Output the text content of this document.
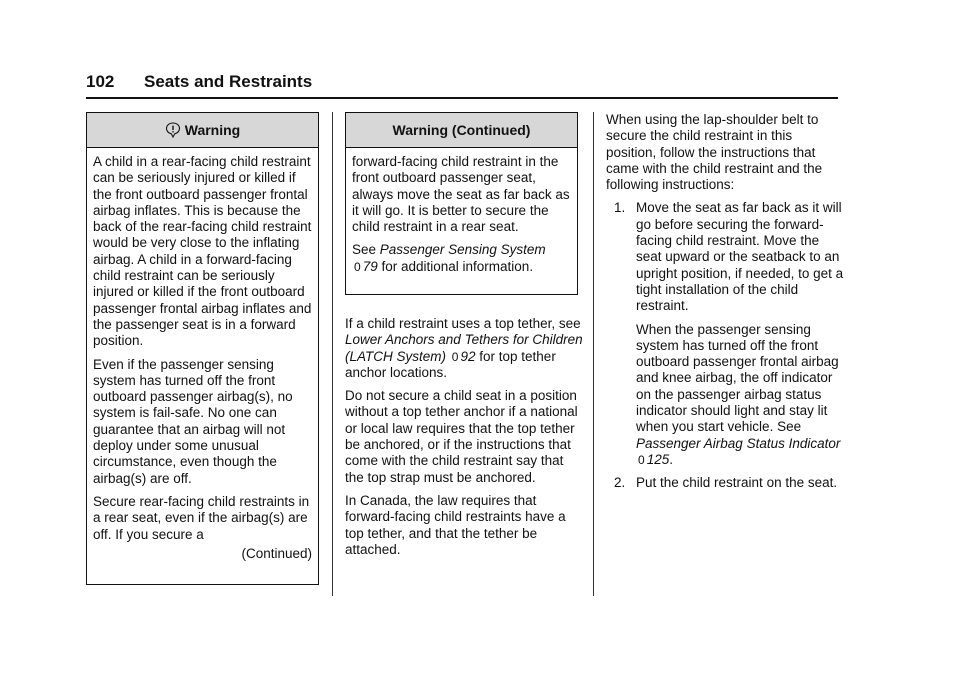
102 Seats and Restraints
Warning

A child in a rear-facing child restraint can be seriously injured or killed if the front outboard passenger frontal airbag inflates. This is because the back of the rear-facing child restraint would be very close to the inflating airbag. A child in a forward-facing child restraint can be seriously injured or killed if the front outboard passenger frontal airbag inflates and the passenger seat is in a forward position.

Even if the passenger sensing system has turned off the front outboard passenger airbag(s), no system is fail-safe. No one can guarantee that an airbag will not deploy under some unusual circumstance, even though the airbag(s) are off.

Secure rear-facing child restraints in a rear seat, even if the airbag(s) are off. If you secure a

(Continued)
Warning (Continued)

forward-facing child restraint in the front outboard passenger seat, always move the seat as far back as it will go. It is better to secure the child restraint in a rear seat.

See Passenger Sensing System
0 79 for additional information.

If a child restraint uses a top tether, see Lower Anchors and Tethers for Children (LATCH System) 0 92 for top tether anchor locations.

Do not secure a child seat in a position without a top tether anchor if a national or local law requires that the top tether be anchored, or if the instructions that come with the child restraint say that the top strap must be anchored.

In Canada, the law requires that forward-facing child restraints have a top tether, and that the tether be attached.

When using the lap-shoulder belt to secure the child restraint in this position, follow the instructions that came with the child restraint and the following instructions:

1. Move the seat as far back as it will go before securing the forward-facing child restraint. Move the seat upward or the seatback to an upright position, if needed, to get a tight installation of the child restraint.

When the passenger sensing system has turned off the front outboard passenger frontal airbag and knee airbag, the off indicator on the passenger airbag status indicator should light and stay lit when you start vehicle. See Passenger Airbag Status Indicator 0 125.

2. Put the child restraint on the seat.
